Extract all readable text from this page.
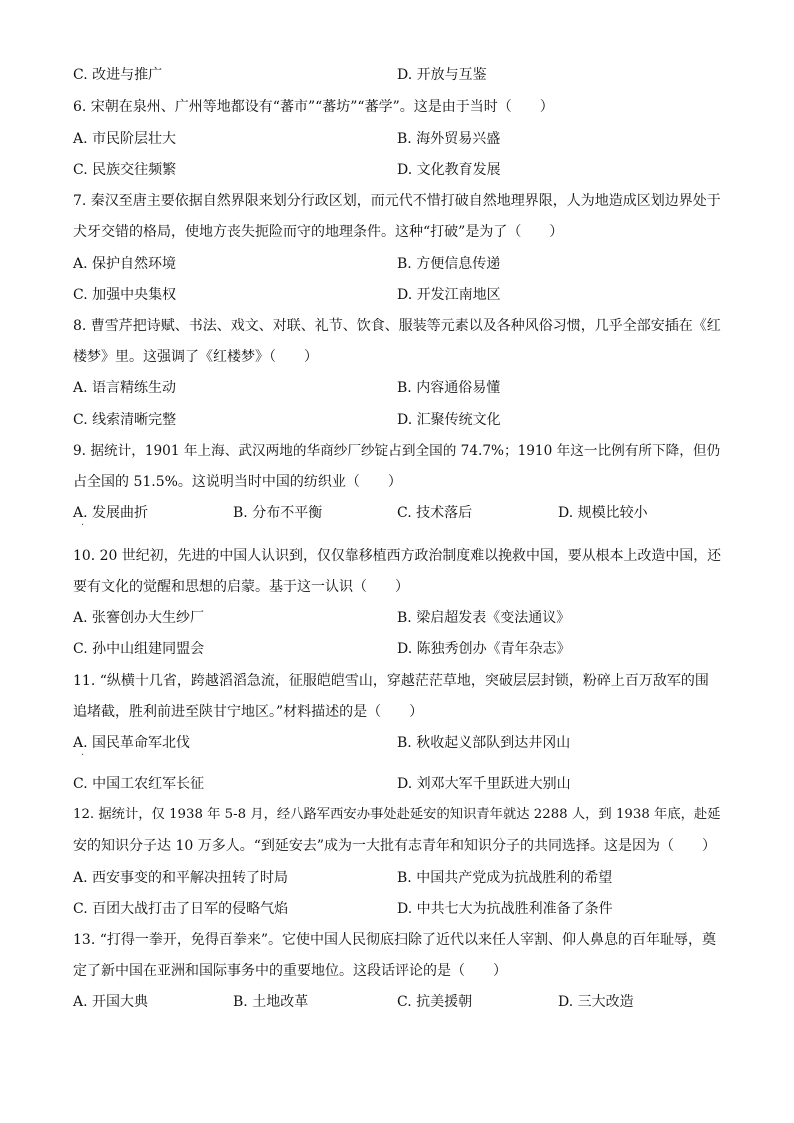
C. 改进与推广	D. 开放与互鉴
6. 宋朝在泉州、广州等地都设有“蕃市”“蕃坊”“蕃学”。这是由于当时（　　）
A. 市民阶层壮大	B. 海外贸易兴盛
C. 民族交往频繁	D. 文化教育发展
7. 秦汉至唐主要依据自然界限来划分行政区划，而元代不惜打破自然地理界限，人为地造成区划边界处于
犬牙交错的格局，使地方丧失扼险而守的地理条件。这种“打破”是为了（　　）
A. 保护自然环境	B. 方便信息传递
C. 加强中央集权	D. 开发江南地区
8. 曹雪芹把诗赋、书法、戏文、对联、礼节、饮食、服装等元素以及各种风俗习惯，几乎全部安插在《红
楼梦》里。这强调了《红楼梦》（　　）
A. 语言精练生动	B. 内容通俗易懂
C. 线索清晰完整	D. 汇聚传统文化
9. 据统计，1901 年上海、武汉两地的华商纱厂纱锭占到全国的 74.7%；1910 年这一比例有所下降，但仍
占全国的 51.5%。这说明当时中国的纺织业（　　）
A. 发展曲折	B. 分布不平衡	C. 技术落后	D. 规模比较小
·
10. 20 世纪初，先进的中国人认识到，仅仅靠移植西方政治制度难以挽救中国，要从根本上改造中国，还
要有文化的觉醒和思想的启蒙。基于这一认识（　　）
A. 张謇创办大生纱厂	B. 梁启超发表《变法通议》
C. 孙中山组建同盟会	D. 陈独秀创办《青年杂志》
11. “纵横十几省，跨越滔滔急流，征服皑皑雪山，穿越茫茫草地，突破层层封锁，粉碎上百万敌军的围
追堵截，胜利前进至陕甘宁地区。”材料描述的是（　　）
A. 国民革命军北伐	B. 秋收起义部队到达井冈山
·
C. 中国工农红军长征	D. 刘邓大军千里跃进大别山
12. 据统计，仅 1938 年 5-8 月，经八路军西安办事处赴延安的知识青年就达 2288 人，到 1938 年底，赴延
安的知识分子达 10 万多人。“到延安去”成为一大批有志青年和知识分子的共同选择。这是因为（　　）
A. 西安事变的和平解决扭转了时局	B. 中国共产党成为抗战胜利的希望
C. 百团大战打击了日军的侵略气焰	D. 中共七大为抗战胜利准备了条件
13. “打得一拳开，免得百拳来”。它使中国人民彻底扫除了近代以来任人宰割、仰人鼻息的百年耻辱，奠
定了新中国在亚洲和国际事务中的重要地位。这段话评论的是（　　）
A. 开国大典	B. 土地改革	C. 抗美援朝	D. 三大改造
